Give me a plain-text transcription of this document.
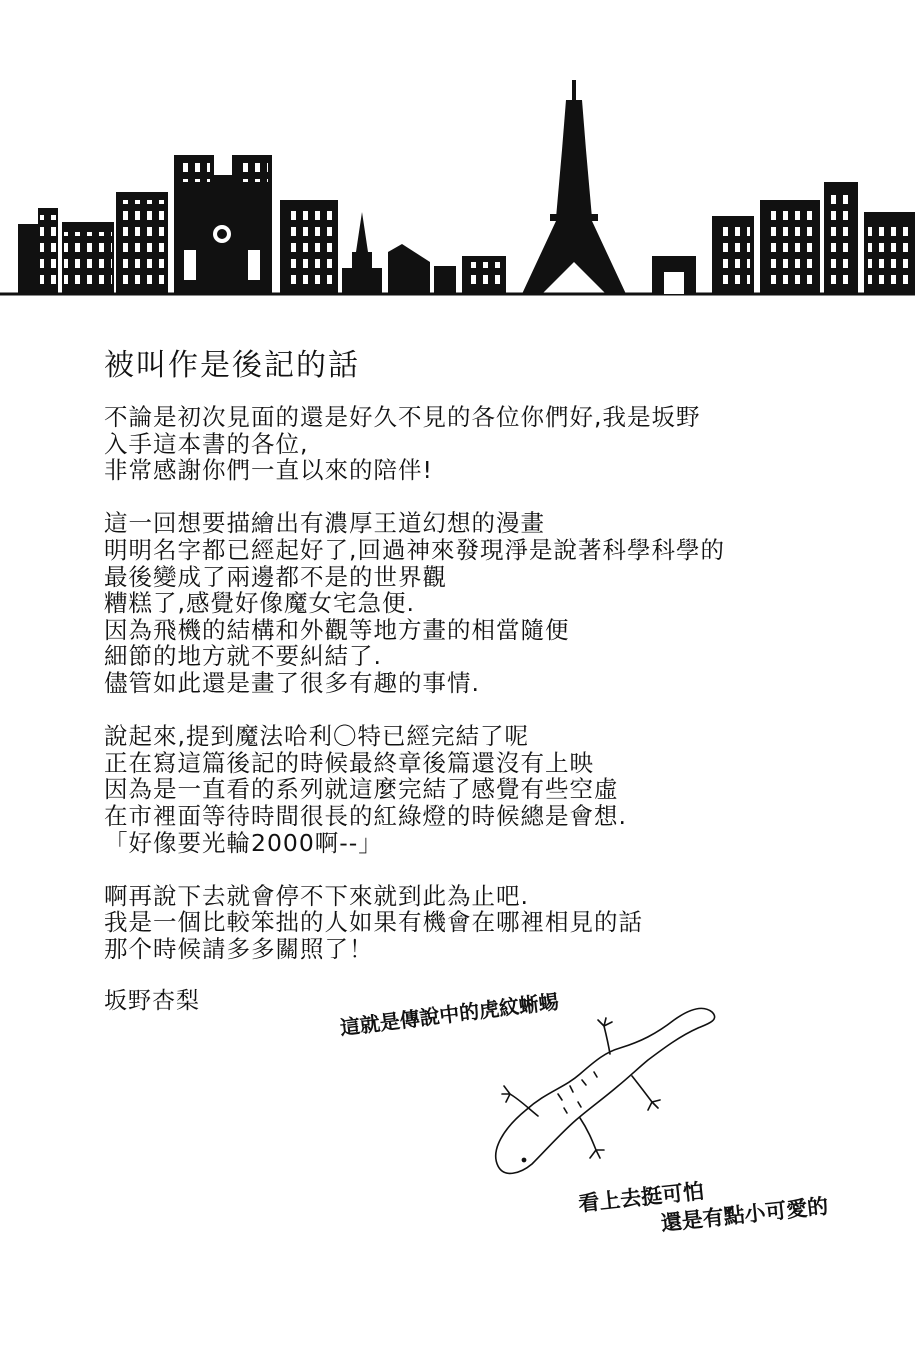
被叫作是後記的話
不論是初次見面的還是好久不見的各位你們好,我是坂野
入手這本書的各位,
非常感謝你們一直以來的陪伴!
這一回想要描繪出有濃厚王道幻想的漫畫
明明名字都已經起好了,回過神來發現淨是說著科學科學的
最後變成了兩邊都不是的世界觀
糟糕了,感覺好像魔女宅急便.
因為飛機的結構和外觀等地方畫的相當隨便
細節的地方就不要糾結了.
儘管如此還是畫了很多有趣的事情.
說起來,提到魔法哈利〇特已經完結了呢
正在寫這篇後記的時候最終章後篇還沒有上映
因為是一直看的系列就這麼完結了感覺有些空虛
在市裡面等待時間很長的紅綠燈的時候總是會想.
「好像要光輪2000啊--」
啊再說下去就會停不下來就到此為止吧.
我是一個比較笨拙的人如果有機會在哪裡相見的話
那个時候請多多關照了！
坂野杏梨	這就是傳說中的虎紋蜥蜴
看上去挺可怕
還是有點小可愛的
